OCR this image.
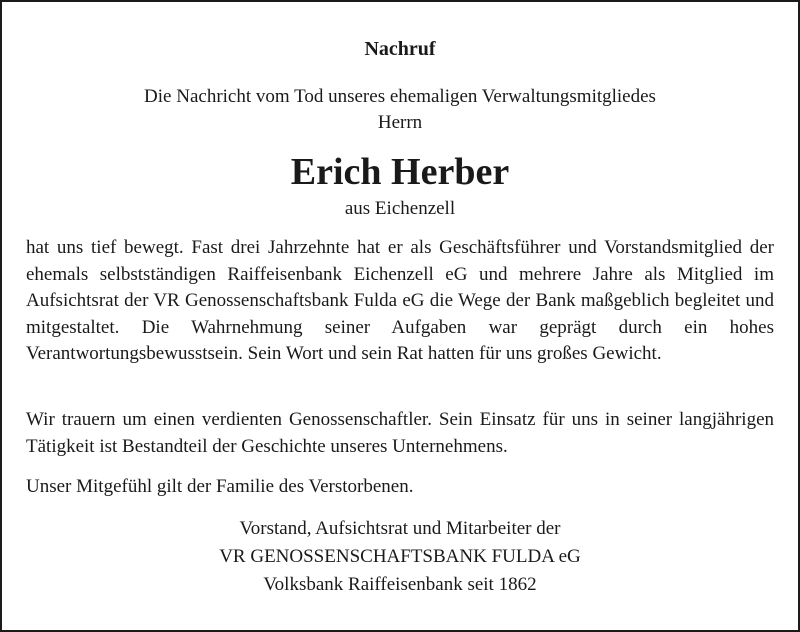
Nachruf
Die Nachricht vom Tod unseres ehemaligen Verwaltungsmitgliedes
Herrn
Erich Herber
aus Eichenzell

hat uns tief bewegt. Fast drei Jahrzehnte hat er als Geschäftsführer und Vorstandsmitglied der ehemals selbstständigen Raiffeisenbank Eichenzell eG und mehrere Jahre als Mitglied im Aufsichtsrat der VR Genossenschaftsbank Fulda eG die Wege der Bank maßgeblich begleitet und mitgestaltet. Die Wahrnehmung seiner Aufgaben war geprägt durch ein hohes Verantwortungsbewusstsein. Sein Wort und sein Rat hatten für uns großes Gewicht.

Wir trauern um einen verdienten Genossenschaftler. Sein Einsatz für uns in seiner langjährigen Tätigkeit ist Bestandteil der Geschichte unseres Unternehmens.

Unser Mitgefühl gilt der Familie des Verstorbenen.

Vorstand, Aufsichtsrat und Mitarbeiter der
VR GENOSSENSCHAFTSBANK FULDA eG
Volksbank Raiffeisenbank seit 1862
